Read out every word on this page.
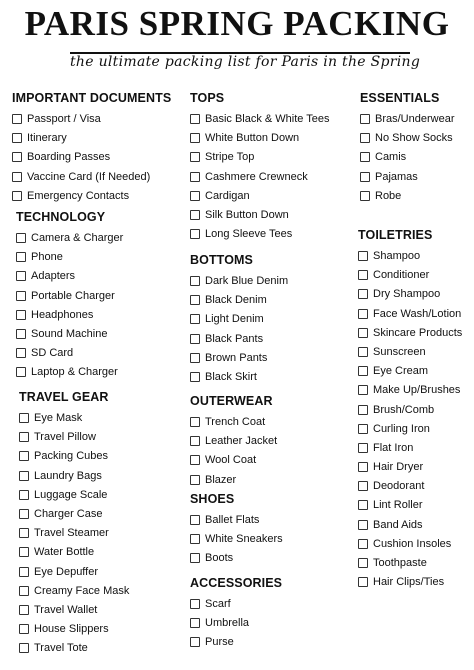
PARIS SPRING PACKING
the ultimate packing list for Paris in the Spring
IMPORTANT DOCUMENTS
Passport / Visa
Itinerary
Boarding Passes
Vaccine Card (If Needed)
Emergency Contacts
TECHNOLOGY
Camera & Charger
Phone
Adapters
Portable Charger
Headphones
Sound Machine
SD Card
Laptop & Charger
TRAVEL GEAR
Eye Mask
Travel Pillow
Packing Cubes
Laundry Bags
Luggage Scale
Charger Case
Travel Steamer
Water Bottle
Eye Depuffer
Creamy Face Mask
Travel Wallet
House Slippers
Travel Tote
TOPS
Basic Black & White Tees
White Button Down
Stripe Top
Cashmere Crewneck
Cardigan
Silk Button Down
Long Sleeve Tees
BOTTOMS
Dark Blue Denim
Black Denim
Light Denim
Black Pants
Brown Pants
Black Skirt
OUTERWEAR
Trench Coat
Leather Jacket
Wool Coat
Blazer
SHOES
Ballet Flats
White Sneakers
Boots
ACCESSORIES
Scarf
Umbrella
Purse
ESSENTIALS
Bras/Underwear
No Show Socks
Camis
Pajamas
Robe
TOILETRIES
Shampoo
Conditioner
Dry Shampoo
Face Wash/Lotion
Skincare Products
Sunscreen
Eye Cream
Make Up/Brushes
Brush/Comb
Curling Iron
Flat Iron
Hair Dryer
Deodorant
Lint Roller
Band Aids
Cushion Insoles
Toothpaste
Hair Clips/Ties
